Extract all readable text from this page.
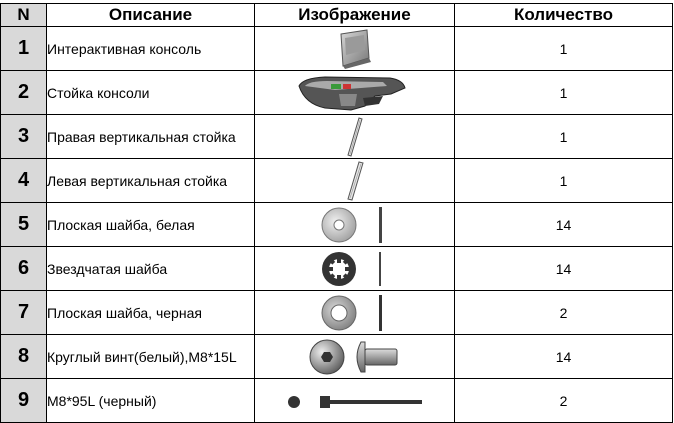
N	Описание	Изображение	Количество
1	Интерактивная консоль		1
2	Стойка консоли		1
3	Правая вертикальная стойка		1
4	Левая вертикальная стойка		1
5	Плоская шайба, белая		14
6	Звездчатая шайба		14
7	Плоская шайба, черная		2
8	Круглый винт(белый),M8*15L		14
9	M8*95L (черный)		2
